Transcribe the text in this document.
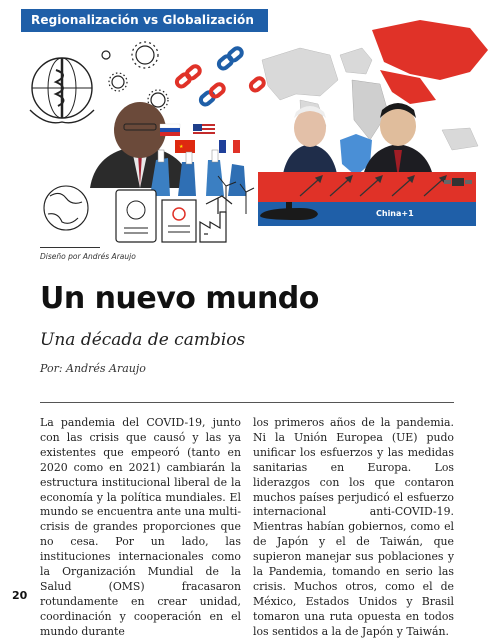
★
China+1
Regionalización vs Globalización
Diseño por Andrés Araujo
Un nuevo mundo
Una década de cambios
Por: Andrés Araujo
La pandemia del COVID-19, junto con las crisis que causó y las ya existentes que empeoró (tanto en 2020 como en 2021) cambiarán la estructura institucional liberal de la economía y la política mundiales. El mundo se encuentra ante una multi-crisis de grandes proporciones que no cesa. Por un lado, las instituciones internacionales como la Organización Mundial de la Salud (OMS) fracasaron rotundamente en crear unidad, coordinación y cooperación en el mundo durante
los primeros años de la pandemia. Ni la Unión Europea (UE) pudo unificar los esfuerzos y las medidas sanitarias en Europa. Los liderazgos con los que contaron muchos países perjudicó el esfuerzo internacional anti-COVID-19. Mientras habían gobiernos, como el de Japón y el de Taiwán, que supieron manejar sus poblaciones y la Pandemia, tomando en serio las crisis. Muchos otros, como el de México, Estados Unidos y Brasil tomaron una ruta opuesta en todos los sentidos a la de Japón y Taiwán.
20
